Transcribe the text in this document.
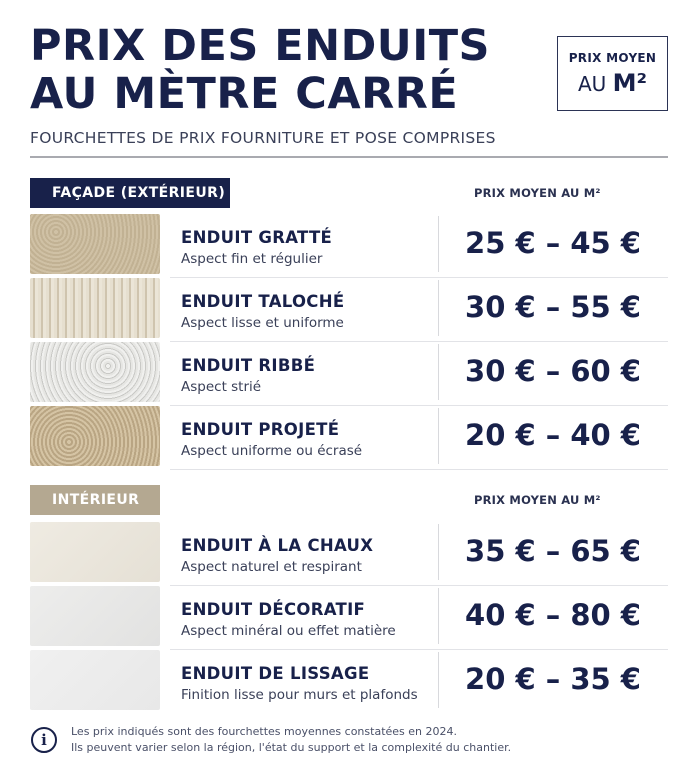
PRIX DES ENDUITS
AU MÈTRE CARRÉ
PRIX MOYEN
AU M²
FOURCHETTES DE PRIX FOURNITURE ET POSE COMPRISES
FAÇADE (EXTÉRIEUR)	PRIX MOYEN AU M²
ENDUIT GRATTÉ
Aspect fin et régulier	25 € – 45 €
ENDUIT TALOCHÉ
Aspect lisse et uniforme	30 € – 55 €
ENDUIT RIBBÉ
Aspect strié	30 € – 60 €
ENDUIT PROJETÉ
Aspect uniforme ou écrasé	20 € – 40 €
INTÉRIEUR	PRIX MOYEN AU M²
ENDUIT À LA CHAUX
Aspect naturel et respirant	35 € – 65 €
ENDUIT DÉCORATIF
Aspect minéral ou effet matière	40 € – 80 €
ENDUIT DE LISSAGE
Finition lisse pour murs et plafonds	20 € – 35 €
i	Les prix indiqués sont des fourchettes moyennes constatées en 2024.
Ils peuvent varier selon la région, l'état du support et la complexité du chantier.
